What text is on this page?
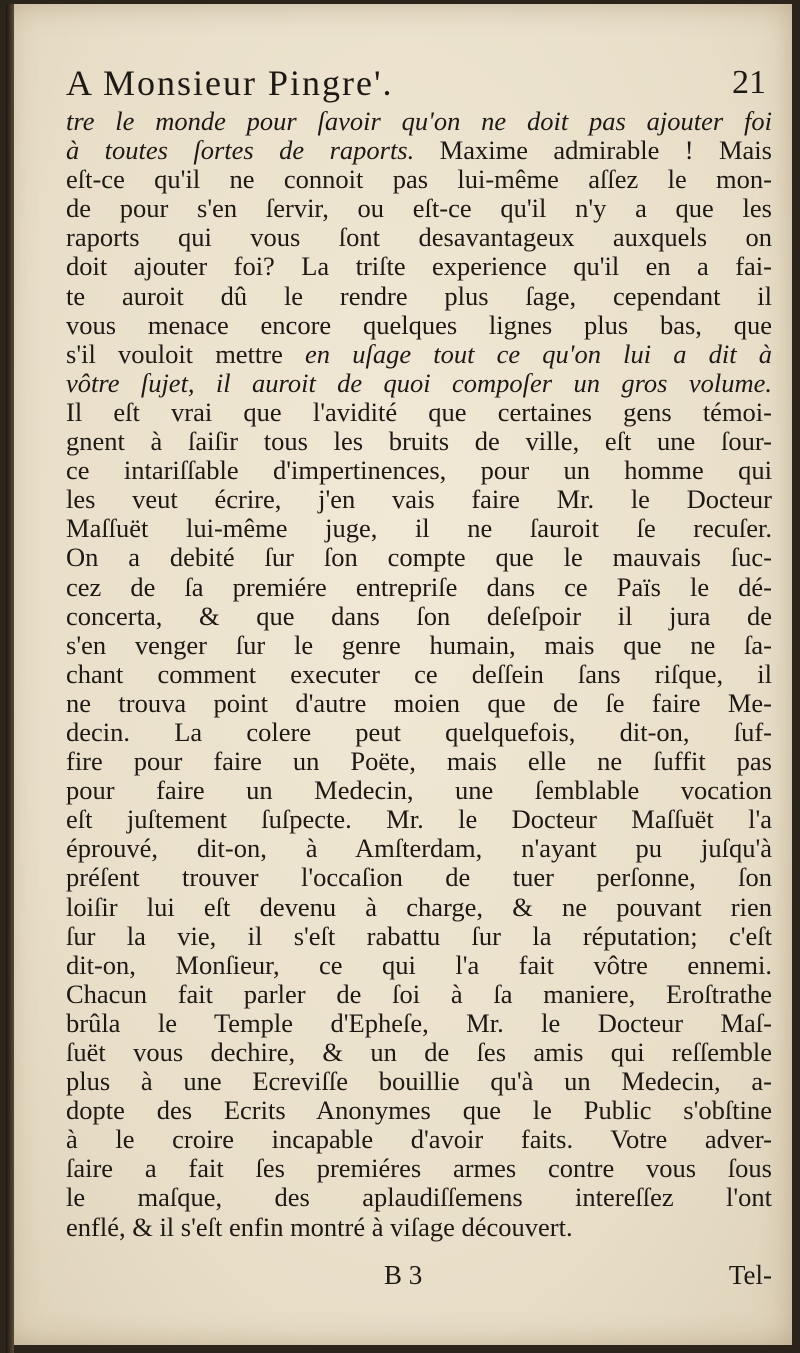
A Monsieur Pingre'.	21
tre le monde pour ſavoir qu'on ne doit pas ajouter foi
à toutes ſortes de raports. Maxime admirable ! Mais
eſt-ce qu'il ne connoit pas lui-même aſſez le mon-
de pour s'en ſervir, ou eſt-ce qu'il n'y a que les
raports qui vous ſont desavantageux auxquels on
doit ajouter foi? La triſte experience qu'il en a fai-
te auroit dû le rendre plus ſage, cependant il
vous menace encore quelques lignes plus bas, que
s'il vouloit mettre en uſage tout ce qu'on lui a dit à
vôtre ſujet, il auroit de quoi compoſer un gros volume.
Il eſt vrai que l'avidité que certaines gens témoi-
gnent à ſaiſir tous les bruits de ville, eſt une ſour-
ce intariſſable d'impertinences, pour un homme qui
les veut écrire, j'en vais faire Mr. le Docteur
Maſſuët lui-même juge, il ne ſauroit ſe recuſer.
On a debité ſur ſon compte que le mauvais ſuc-
cez de ſa premiére entrepriſe dans ce Païs le dé-
concerta, & que dans ſon deſeſpoir il jura de
s'en venger ſur le genre humain, mais que ne ſa-
chant comment executer ce deſſein ſans riſque, il
ne trouva point d'autre moien que de ſe faire Me-
decin. La colere peut quelquefois, dit-on, ſuf-
fire pour faire un Poëte, mais elle ne ſuffit pas
pour faire un Medecin, une ſemblable vocation
eſt juſtement ſuſpecte. Mr. le Docteur Maſſuët l'a
éprouvé, dit-on, à Amſterdam, n'ayant pu juſqu'à
préſent trouver l'occaſion de tuer perſonne, ſon
loiſir lui eſt devenu à charge, & ne pouvant rien
ſur la vie, il s'eſt rabattu ſur la réputation; c'eſt
dit-on, Monſieur, ce qui l'a fait vôtre ennemi.
Chacun fait parler de ſoi à ſa maniere, Eroſtrathe
brûla le Temple d'Epheſe, Mr. le Docteur Maſ-
ſuët vous dechire, & un de ſes amis qui reſſemble
plus à une Ecreviſſe bouillie qu'à un Medecin, a-
dopte des Ecrits Anonymes que le Public s'obſtine
à le croire incapable d'avoir faits. Votre adver-
ſaire a fait ſes premiéres armes contre vous ſous
le maſque, des aplaudiſſemens intereſſez l'ont
enflé, & il s'eſt enfin montré à viſage découvert.
B 3	Tel-
